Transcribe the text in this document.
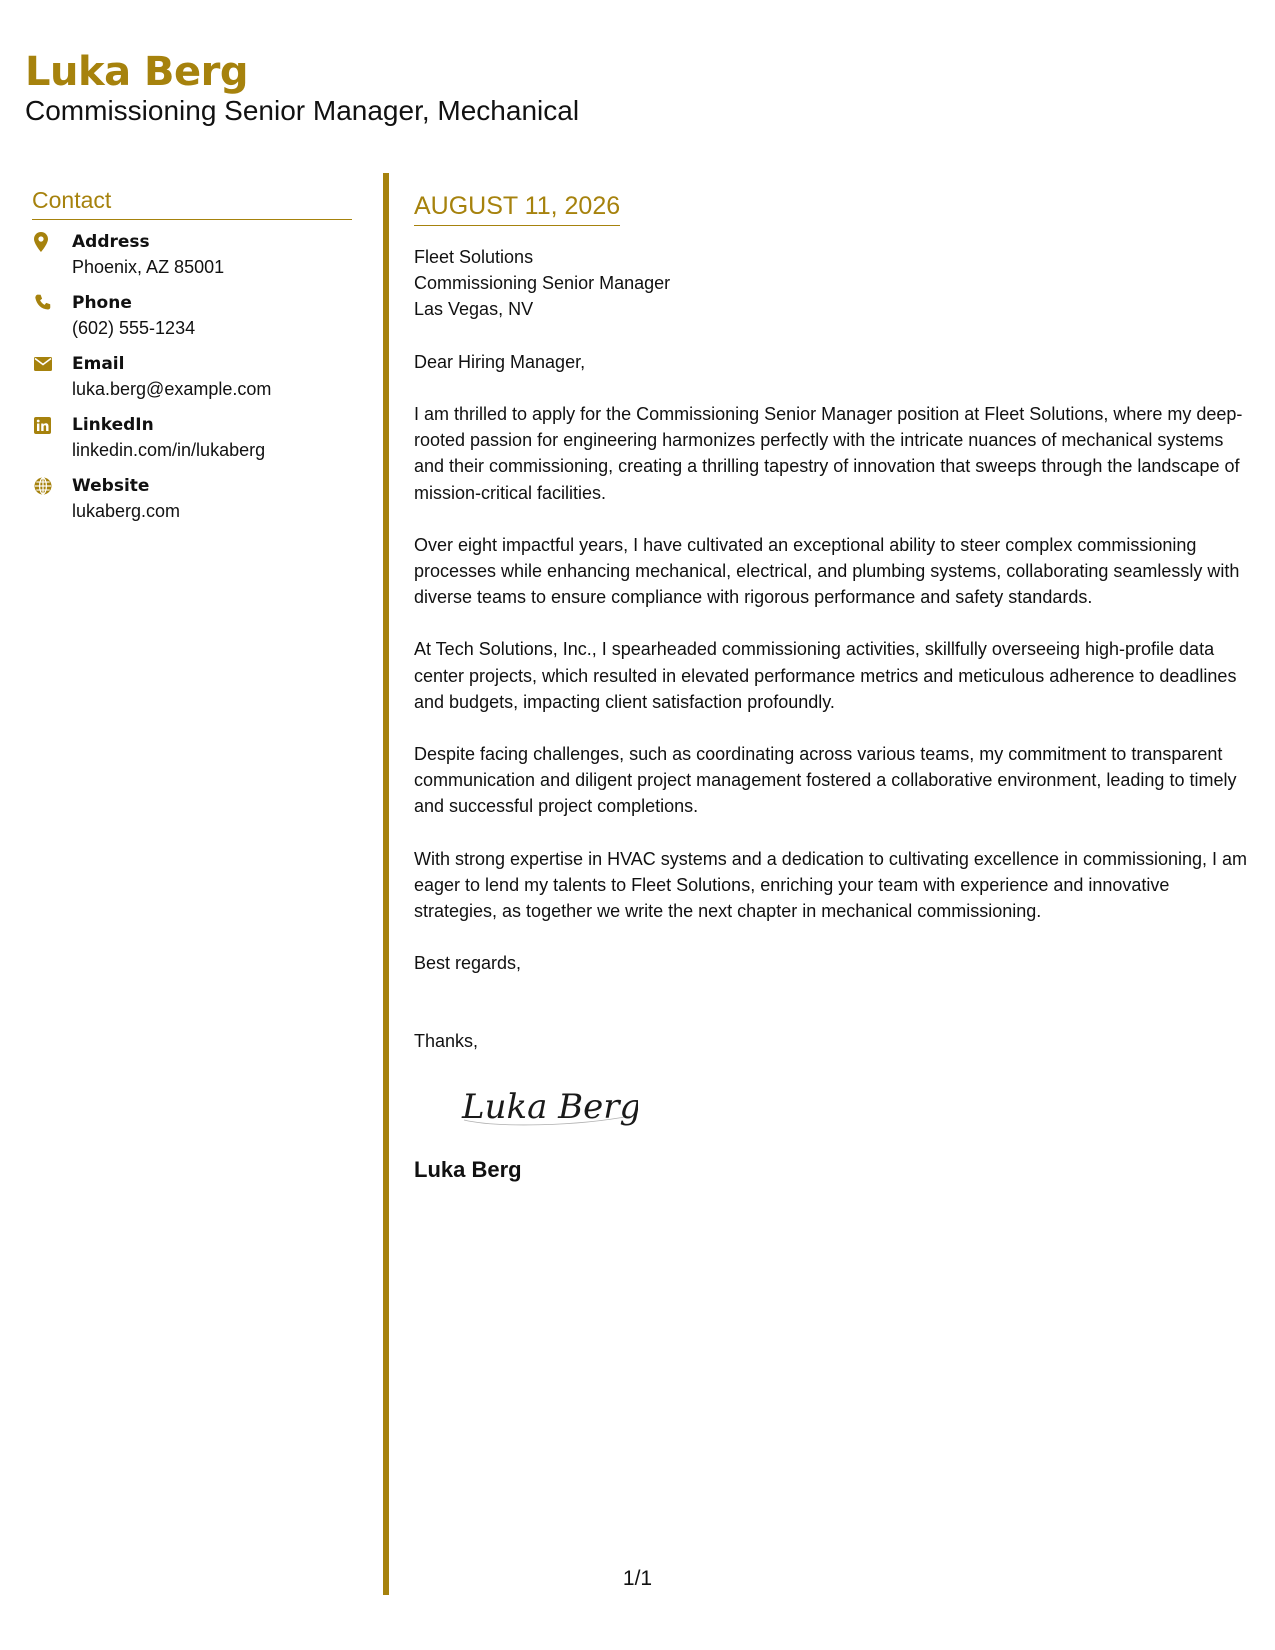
Luka Berg
Commissioning Senior Manager, Mechanical
Contact
Address
Phoenix, AZ 85001
Phone
(602) 555-1234
Email
luka.berg@example.com
LinkedIn
linkedin.com/in/lukaberg
Website
lukaberg.com
AUGUST 11, 2026
Fleet Solutions
Commissioning Senior Manager
Las Vegas, NV
Dear Hiring Manager,
I am thrilled to apply for the Commissioning Senior Manager position at Fleet Solutions, where my deep-rooted passion for engineering harmonizes perfectly with the intricate nuances of mechanical systems and their commissioning, creating a thrilling tapestry of innovation that sweeps through the landscape of mission-critical facilities.
Over eight impactful years, I have cultivated an exceptional ability to steer complex commissioning processes while enhancing mechanical, electrical, and plumbing systems, collaborating seamlessly with diverse teams to ensure compliance with rigorous performance and safety standards.
At Tech Solutions, Inc., I spearheaded commissioning activities, skillfully overseeing high-profile data center projects, which resulted in elevated performance metrics and meticulous adherence to deadlines and budgets, impacting client satisfaction profoundly.
Despite facing challenges, such as coordinating across various teams, my commitment to transparent communication and diligent project management fostered a collaborative environment, leading to timely and successful project completions.
With strong expertise in HVAC systems and a dedication to cultivating excellence in commissioning, I am eager to lend my talents to Fleet Solutions, enriching your team with experience and innovative strategies, as together we write the next chapter in mechanical commissioning.
Best regards,
Thanks,
Luka Berg
Luka Berg
1/1
